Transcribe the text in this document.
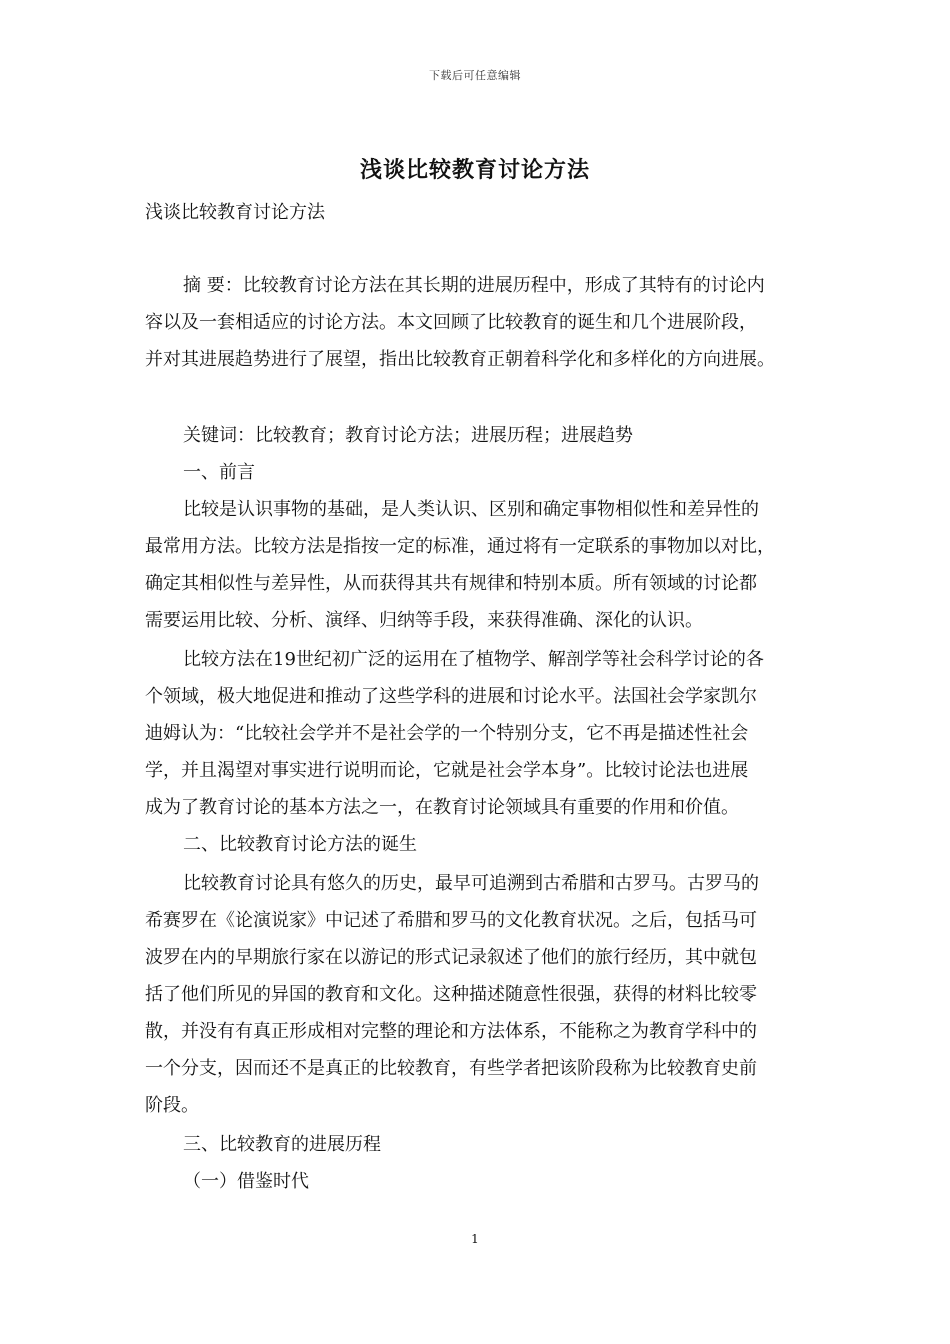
下载后可任意编辑
浅谈比较教育讨论方法
浅谈比较教育讨论方法
摘 要：比较教育讨论方法在其长期的进展历程中，形成了其特有的讨论内
容以及一套相适应的讨论方法。本文回顾了比较教育的诞生和几个进展阶段，
并对其进展趋势进行了展望，指出比较教育正朝着科学化和多样化的方向进展。
关键词：比较教育；教育讨论方法；进展历程；进展趋势
一、前言
比较是认识事物的基础，是人类认识、区别和确定事物相似性和差异性的
最常用方法。比较方法是指按一定的标准，通过将有一定联系的事物加以对比，
确定其相似性与差异性，从而获得其共有规律和特别本质。所有领域的讨论都
需要运用比较、分析、演绎、归纳等手段，来获得准确、深化的认识。
比较方法在19世纪初广泛的运用在了植物学、解剖学等社会科学讨论的各
个领域，极大地促进和推动了这些学科的进展和讨论水平。法国社会学家凯尔
迪姆认为：“比较社会学并不是社会学的一个特别分支，它不再是描述性社会
学，并且渴望对事实进行说明而论，它就是社会学本身”。比较讨论法也进展
成为了教育讨论的基本方法之一，在教育讨论领域具有重要的作用和价值。
二、比较教育讨论方法的诞生
比较教育讨论具有悠久的历史，最早可追溯到古希腊和古罗马。古罗马的
希赛罗在《论演说家》中记述了希腊和罗马的文化教育状况。之后，包括马可
波罗在内的早期旅行家在以游记的形式记录叙述了他们的旅行经历，其中就包
括了他们所见的异国的教育和文化。这种描述随意性很强，获得的材料比较零
散，并没有有真正形成相对完整的理论和方法体系，不能称之为教育学科中的
一个分支，因而还不是真正的比较教育，有些学者把该阶段称为比较教育史前
阶段。
三、比较教育的进展历程
（一）借鉴时代
1
